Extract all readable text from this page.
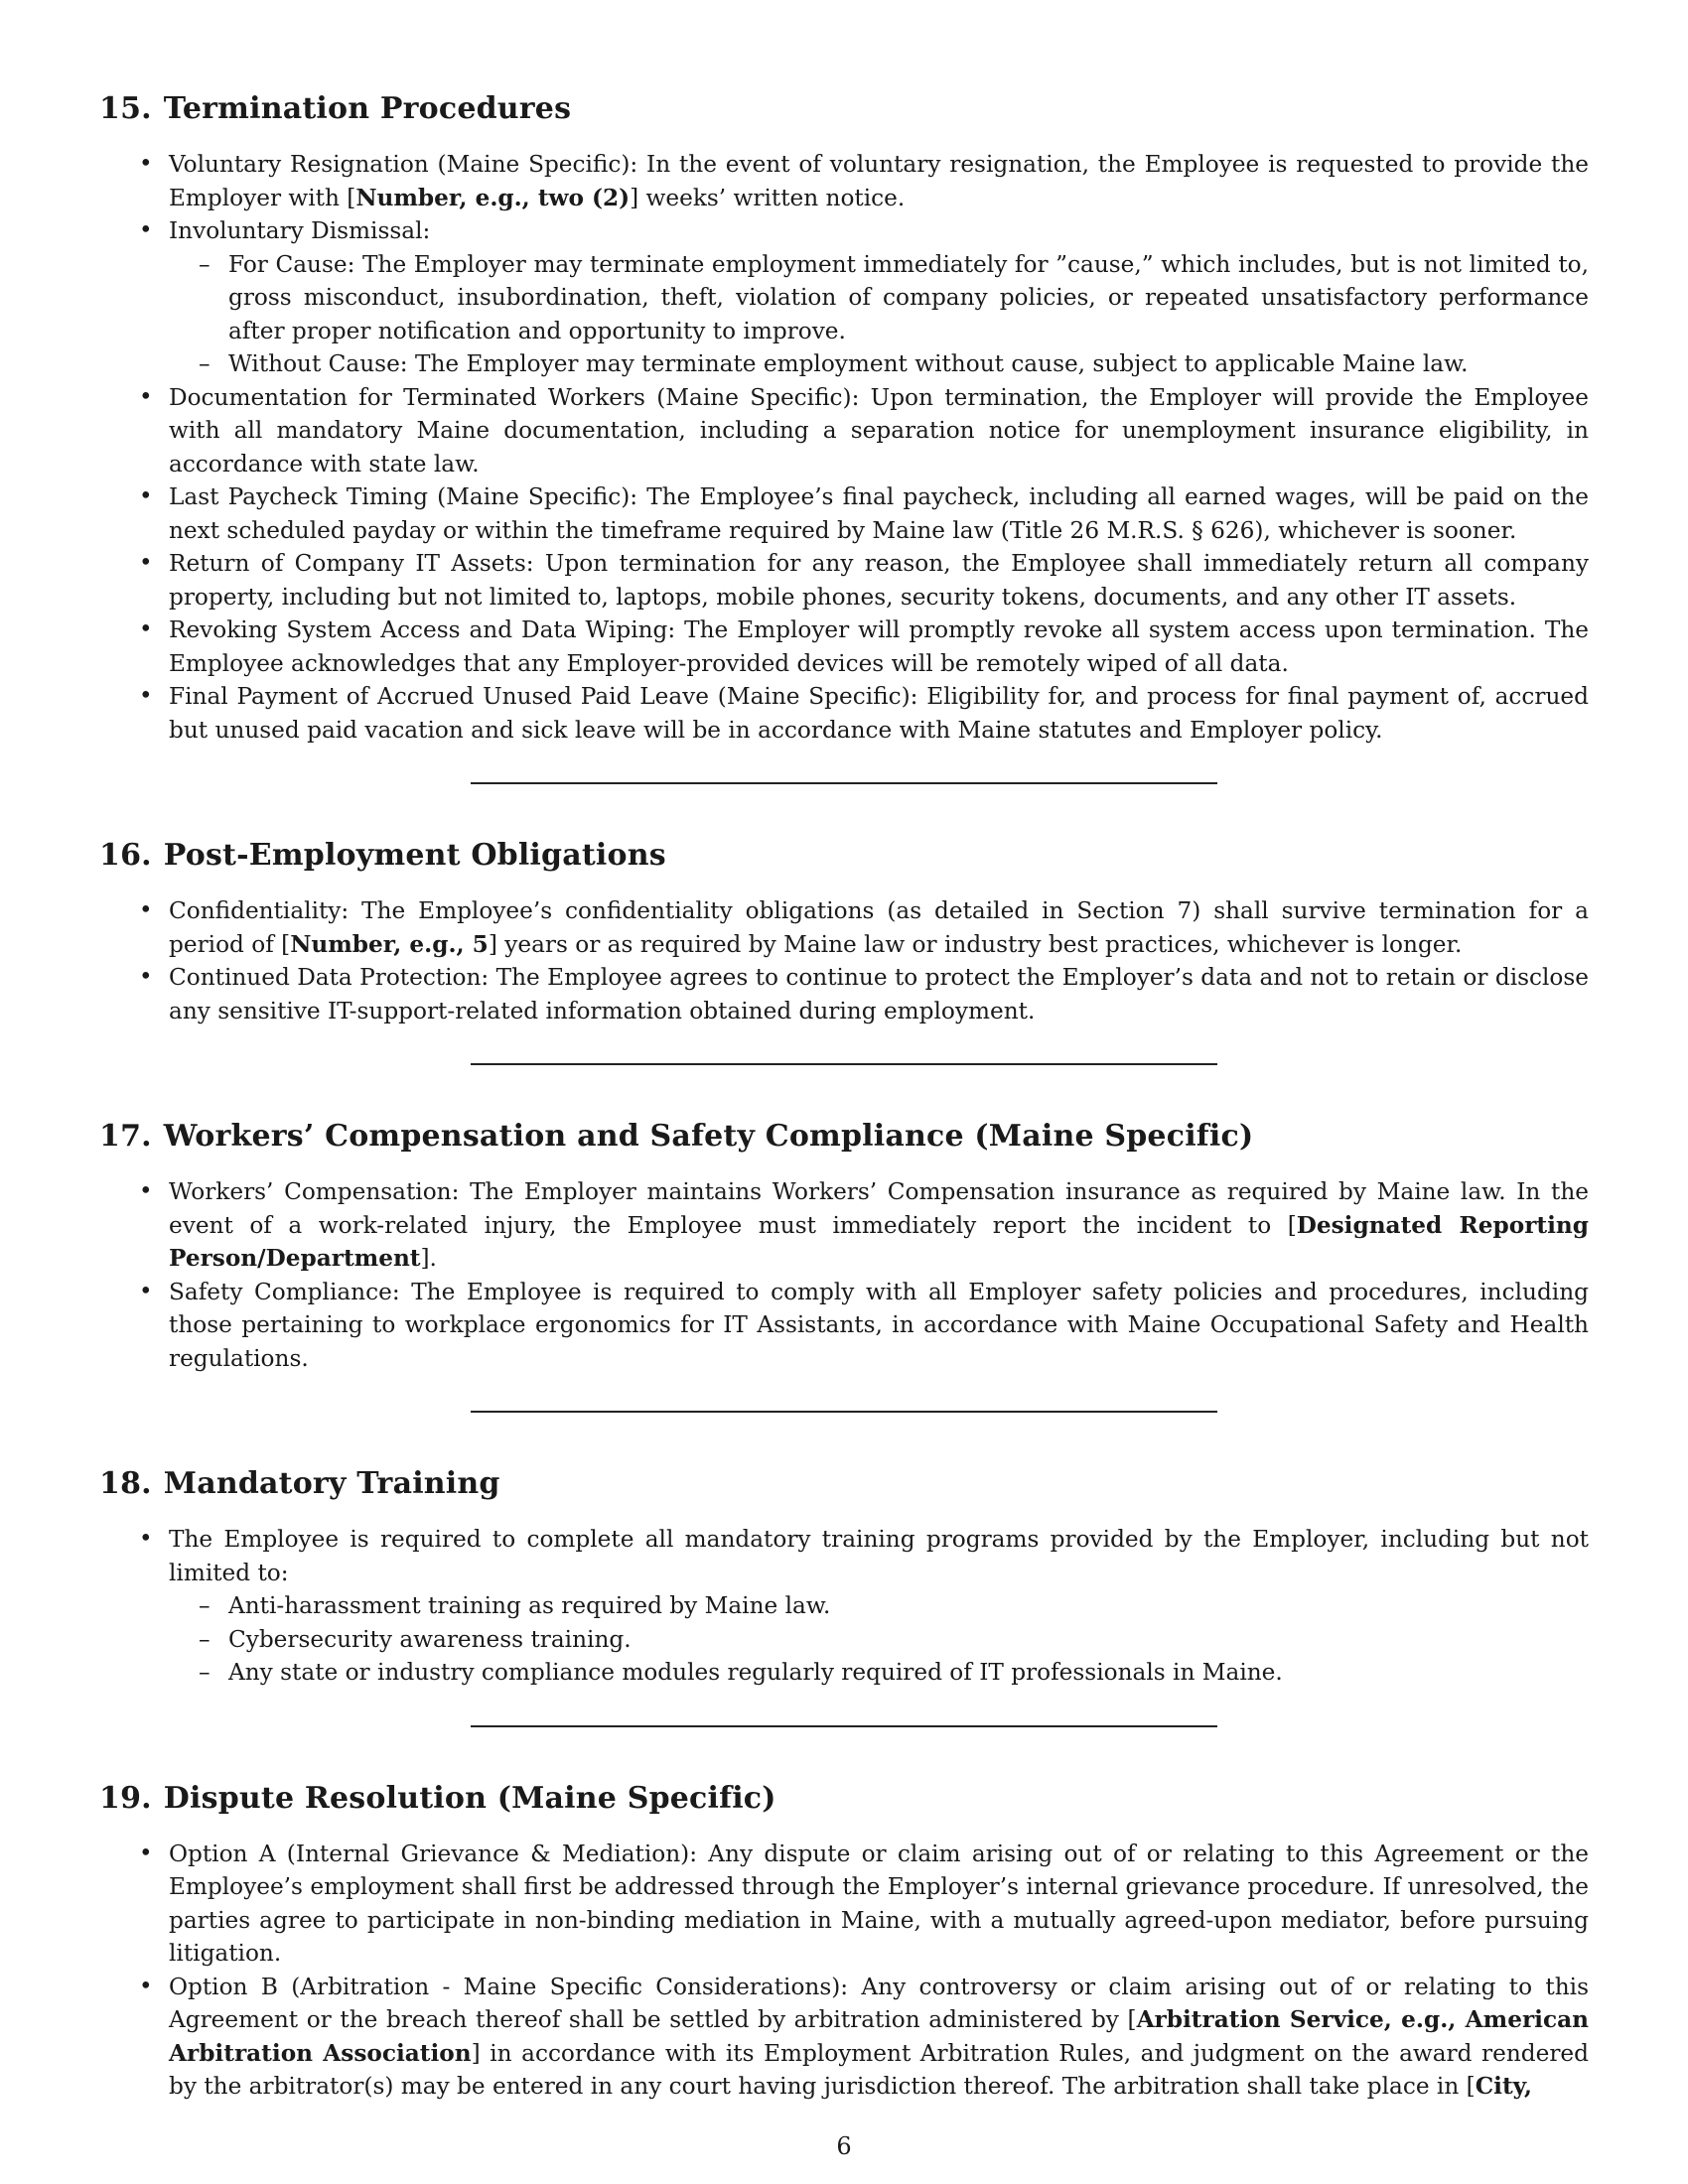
15. Termination Procedures
• Voluntary Resignation (Maine Specific): In the event of voluntary resignation, the Employee is requested to provide the Employer with [Number, e.g., two (2)] weeks’ written notice.
• Involuntary Dismissal:
– For Cause: The Employer may terminate employment immediately for ”cause,” which includes, but is not limited to, gross misconduct, insubordination, theft, violation of company policies, or repeated unsatisfactory performance after proper notification and opportunity to improve.
– Without Cause: The Employer may terminate employment without cause, subject to applicable Maine law.
• Documentation for Terminated Workers (Maine Specific): Upon termination, the Employer will provide the Employee with all mandatory Maine documentation, including a separation notice for unemployment insurance eligibility, in accordance with state law.
• Last Paycheck Timing (Maine Specific): The Employee’s final paycheck, including all earned wages, will be paid on the next scheduled payday or within the timeframe required by Maine law (Title 26 M.R.S. § 626), whichever is sooner.
• Return of Company IT Assets: Upon termination for any reason, the Employee shall immediately return all company property, including but not limited to, laptops, mobile phones, security tokens, documents, and any other IT assets.
• Revoking System Access and Data Wiping: The Employer will promptly revoke all system access upon termination. The Employee acknowledges that any Employer-provided devices will be remotely wiped of all data.
• Final Payment of Accrued Unused Paid Leave (Maine Specific): Eligibility for, and process for final payment of, accrued but unused paid vacation and sick leave will be in accordance with Maine statutes and Employer policy.
16. Post-Employment Obligations
• Confidentiality: The Employee’s confidentiality obligations (as detailed in Section 7) shall survive termination for a period of [Number, e.g., 5] years or as required by Maine law or industry best practices, whichever is longer.
• Continued Data Protection: The Employee agrees to continue to protect the Employer’s data and not to retain or disclose any sensitive IT-support-related information obtained during employment.
17. Workers’ Compensation and Safety Compliance (Maine Specific)
• Workers’ Compensation: The Employer maintains Workers’ Compensation insurance as required by Maine law. In the event of a work-related injury, the Employee must immediately report the incident to [Designated Reporting Person/Department].
• Safety Compliance: The Employee is required to comply with all Employer safety policies and procedures, including those pertaining to workplace ergonomics for IT Assistants, in accordance with Maine Occupational Safety and Health regulations.
18. Mandatory Training
• The Employee is required to complete all mandatory training programs provided by the Employer, including but not limited to:
– Anti-harassment training as required by Maine law.
– Cybersecurity awareness training.
– Any state or industry compliance modules regularly required of IT professionals in Maine.
19. Dispute Resolution (Maine Specific)
• Option A (Internal Grievance & Mediation): Any dispute or claim arising out of or relating to this Agreement or the Employee’s employment shall first be addressed through the Employer’s internal grievance procedure. If unresolved, the parties agree to participate in non-binding mediation in Maine, with a mutually agreed-upon mediator, before pursuing litigation.
• Option B (Arbitration - Maine Specific Considerations): Any controversy or claim arising out of or relating to this Agreement or the breach thereof shall be settled by arbitration administered by [Arbitration Service, e.g., American Arbitration Association] in accordance with its Employment Arbitration Rules, and judgment on the award rendered by the arbitrator(s) may be entered in any court having jurisdiction thereof. The arbitration shall take place in [City,
6
